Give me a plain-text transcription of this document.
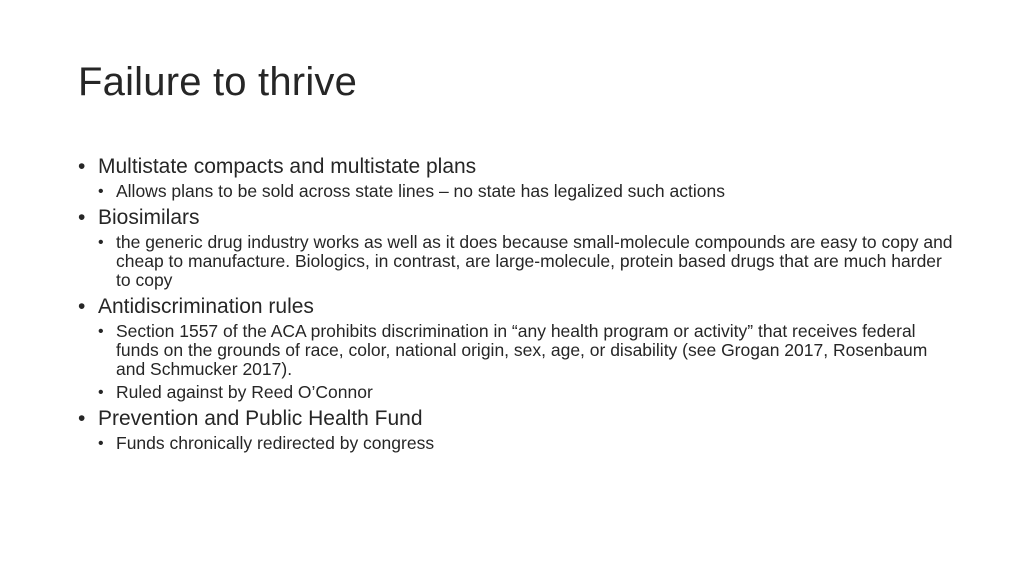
Failure to thrive
• Multistate compacts and multistate plans
• Allows plans to be sold across state lines – no state has legalized such actions
• Biosimilars
• the generic drug industry works as well as it does because small-molecule compounds are easy to copy and cheap to manufacture. Biologics, in contrast, are large-molecule, protein based drugs that are much harder to copy
• Antidiscrimination rules
• Section 1557 of the ACA prohibits discrimination in “any health program or activity” that receives federal funds on the grounds of race, color, national origin, sex, age, or disability (see Grogan 2017, Rosenbaum and Schmucker 2017).
• Ruled against by Reed O’Connor
• Prevention and Public Health Fund
• Funds chronically redirected by congress
